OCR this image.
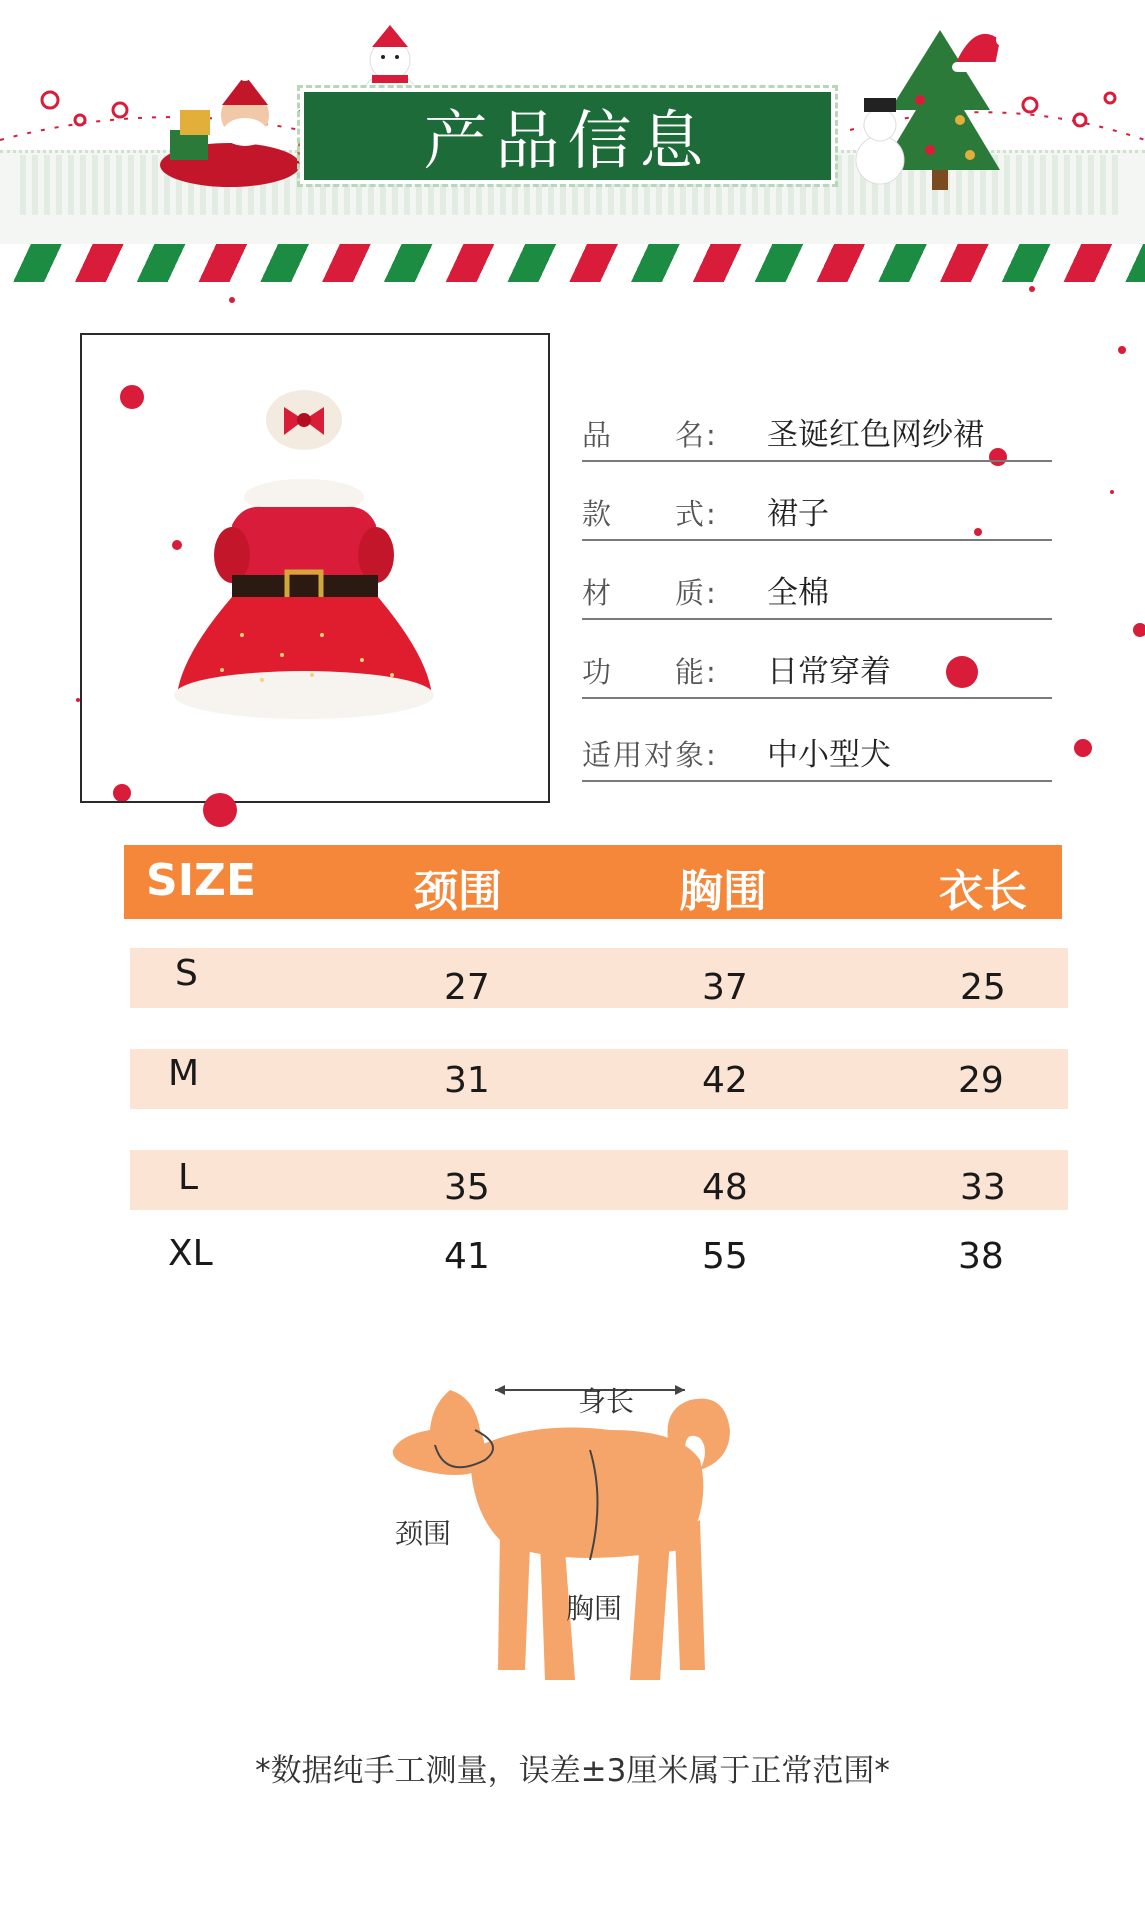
产品信息
品　　名:	圣诞红色网纱裙
款　　式:	裙子
材　　质:	全棉
功　　能:	日常穿着
适用对象:	中小型犬
SIZE	颈围	胸围	衣长
S	27	37	25
M	31	42	29
L	35	48	33
XL	41	55	38
身长
颈围
胸围
*数据纯手工测量，误差±3厘米属于正常范围*
